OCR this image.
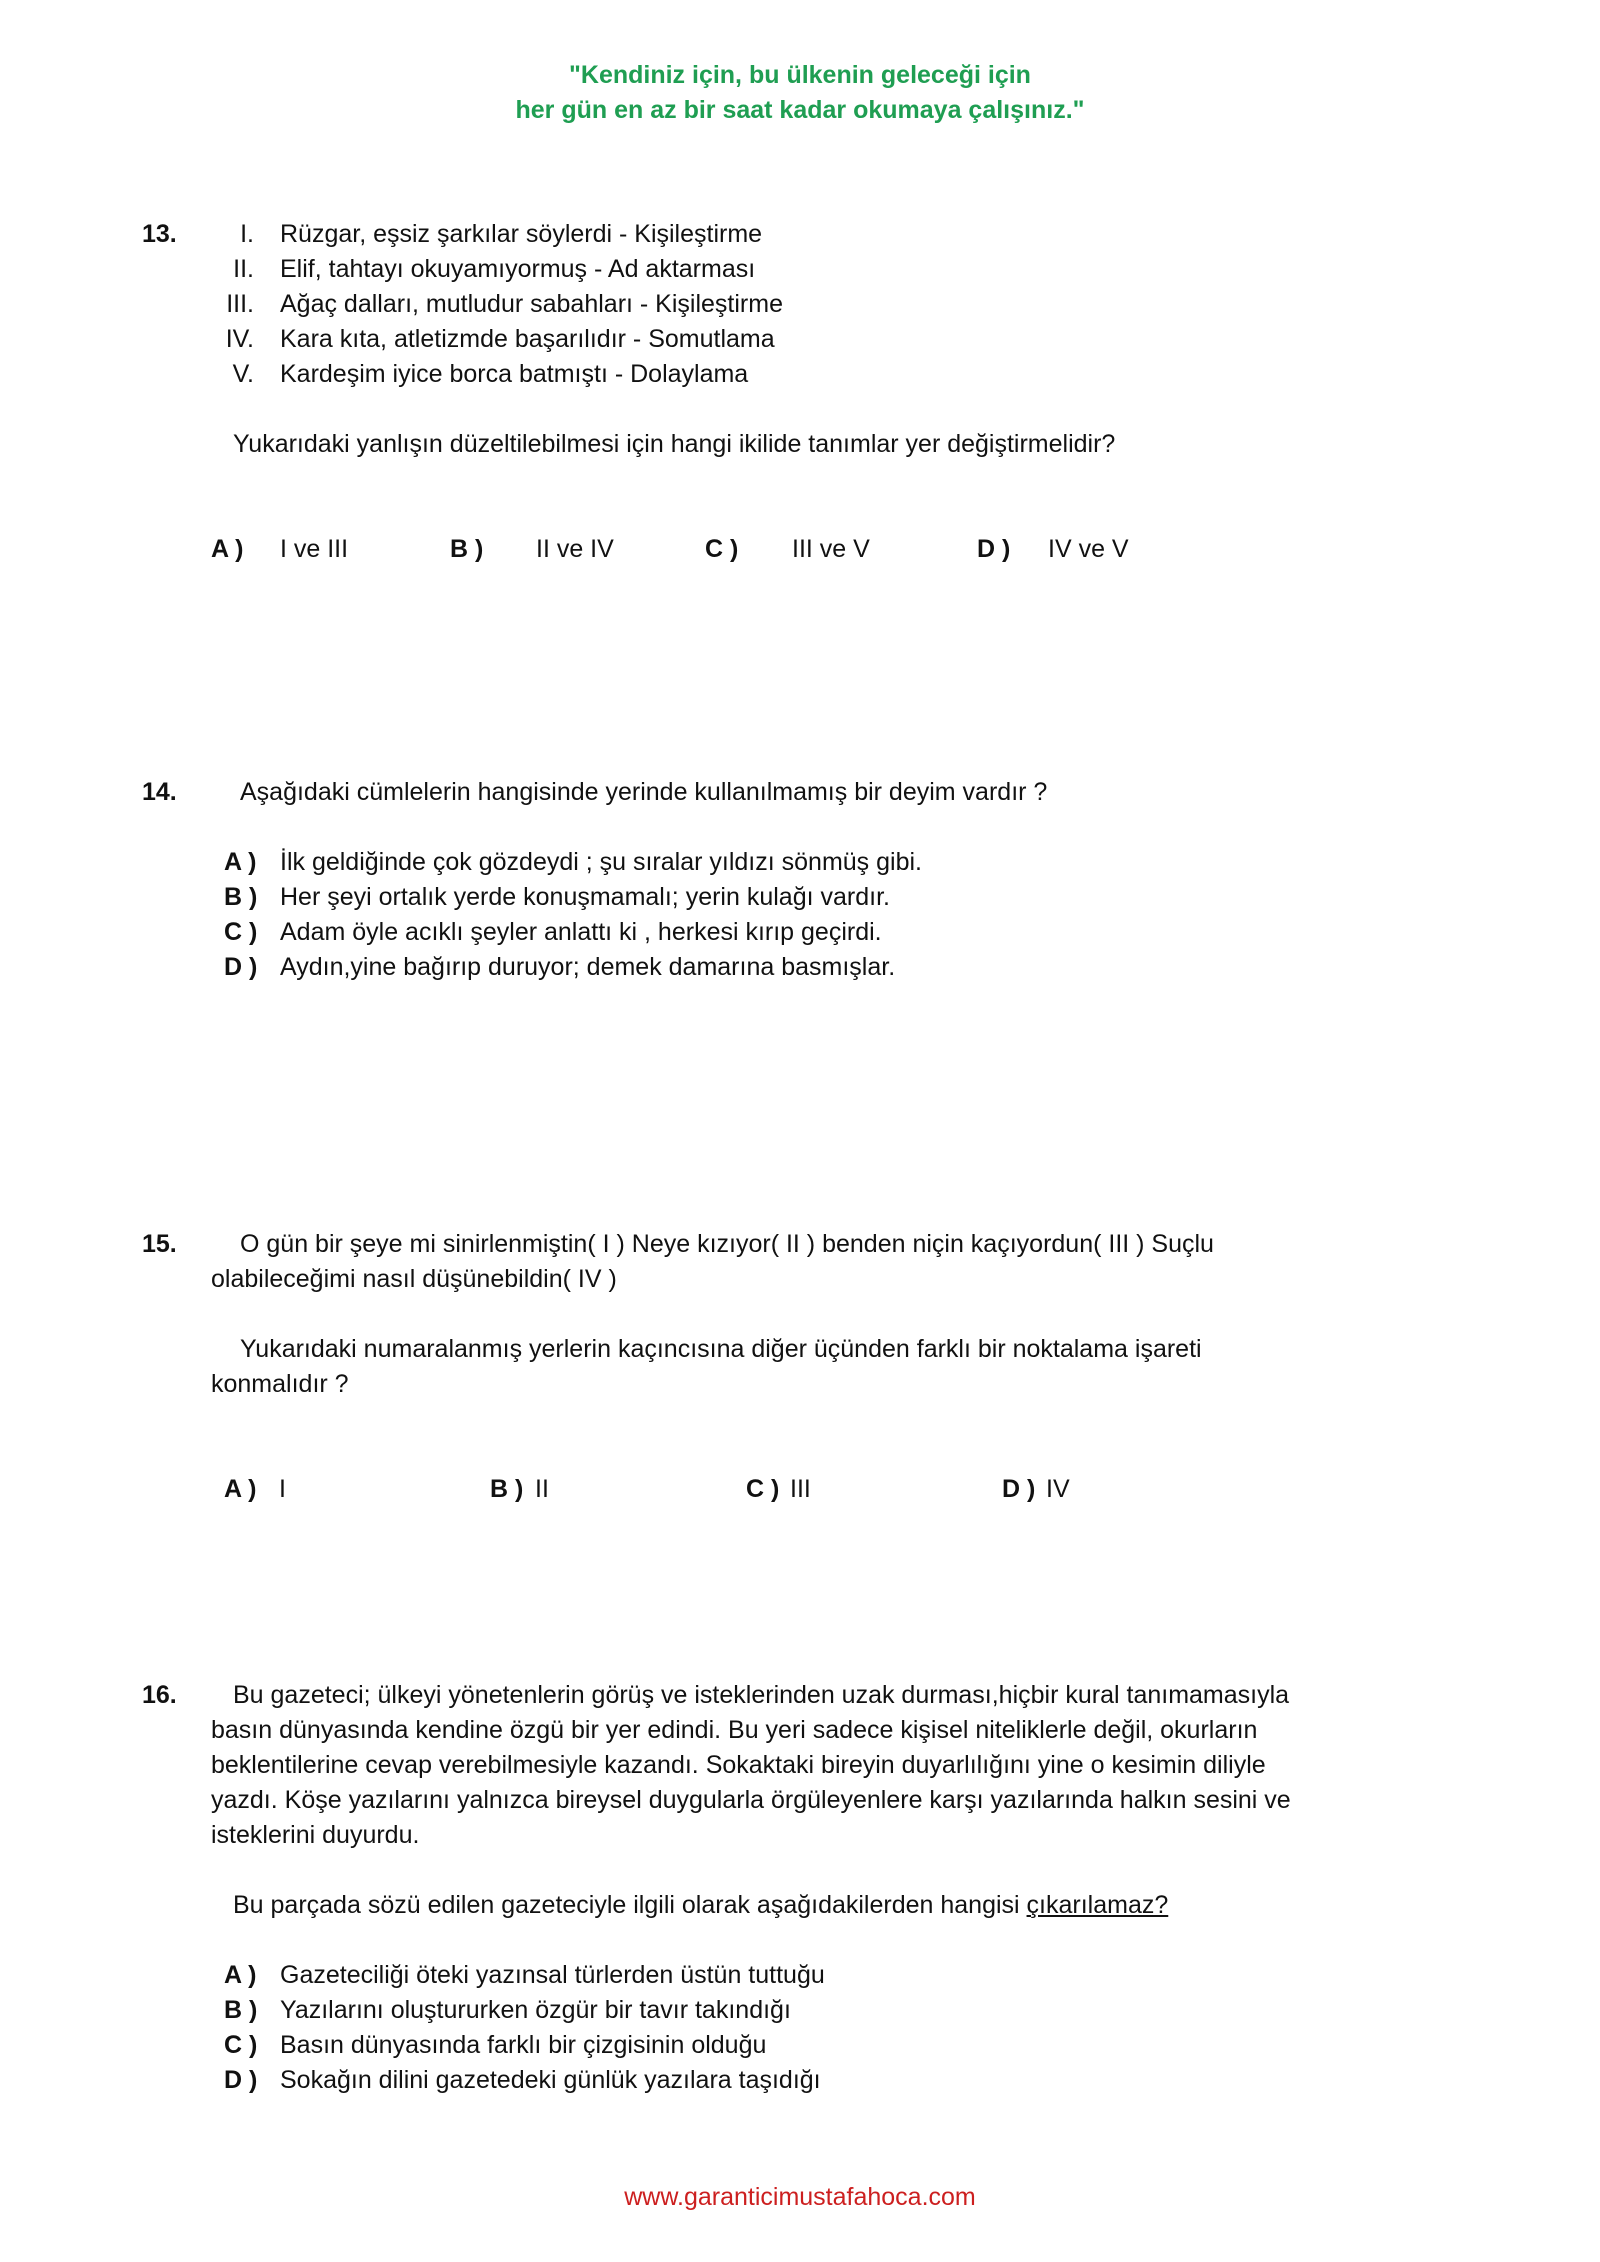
"Kendiniz için, bu ülkenin geleceği için
her gün en az bir saat kadar okumaya çalışınız."
13.	I. Rüzgar, eşsiz şarkılar söylerdi - Kişileştirme
II. Elif, tahtayı okuyamıyormuş - Ad aktarması
III. Ağaç dalları, mutludur sabahları - Kişileştirme
IV. Kara kıta, atletizmde başarılıdır - Somutlama
V. Kardeşim iyice borca batmıştı - Dolaylama
Yukarıdaki yanlışın düzeltilebilmesi için hangi ikilide tanımlar yer değiştirmelidir?
A ) I ve III	B ) II ve IV	C ) III ve V	D ) IV ve V
14.	Aşağıdaki cümlelerin hangisinde yerinde kullanılmamış bir deyim vardır ?
A ) İlk geldiğinde çok gözdeydi ; şu sıralar yıldızı sönmüş gibi.
B ) Her şeyi ortalık yerde konuşmamalı; yerin kulağı vardır.
C ) Adam öyle acıklı şeyler anlattı ki , herkesi kırıp geçirdi.
D ) Aydın,yine bağırıp duruyor; demek damarına basmışlar.
15.	O gün bir şeye mi sinirlenmiştin( I ) Neye kızıyor( II ) benden niçin kaçıyordun( III ) Suçlu
olabileceğimi nasıl düşünebildin( IV )
Yukarıdaki numaralanmış yerlerin kaçıncısına diğer üçünden farklı bir noktalama işareti
konmalıdır ?
A ) I	B ) II	C ) III	D ) IV
16. Bu gazeteci; ülkeyi yönetenlerin görüş ve isteklerinden uzak durması,hiçbir kural tanımamasıyla
basın dünyasında kendine özgü bir yer edindi. Bu yeri sadece kişisel niteliklerle değil, okurların
beklentilerine cevap verebilmesiyle kazandı. Sokaktaki bireyin duyarlılığını yine o kesimin diliyle
yazdı. Köşe yazılarını yalnızca bireysel duygularla örgüleyenlere karşı yazılarında halkın sesini ve
isteklerini duyurdu.
Bu parçada sözü edilen gazeteciyle ilgili olarak aşağıdakilerden hangisi çıkarılamaz?
A ) Gazeteciliği öteki yazınsal türlerden üstün tuttuğu
B ) Yazılarını oluştururken özgür bir tavır takındığı
C ) Basın dünyasında farklı bir çizgisinin olduğu
D ) Sokağın dilini gazetedeki günlük yazılara taşıdığı
www.garanticimustafahoca.com
